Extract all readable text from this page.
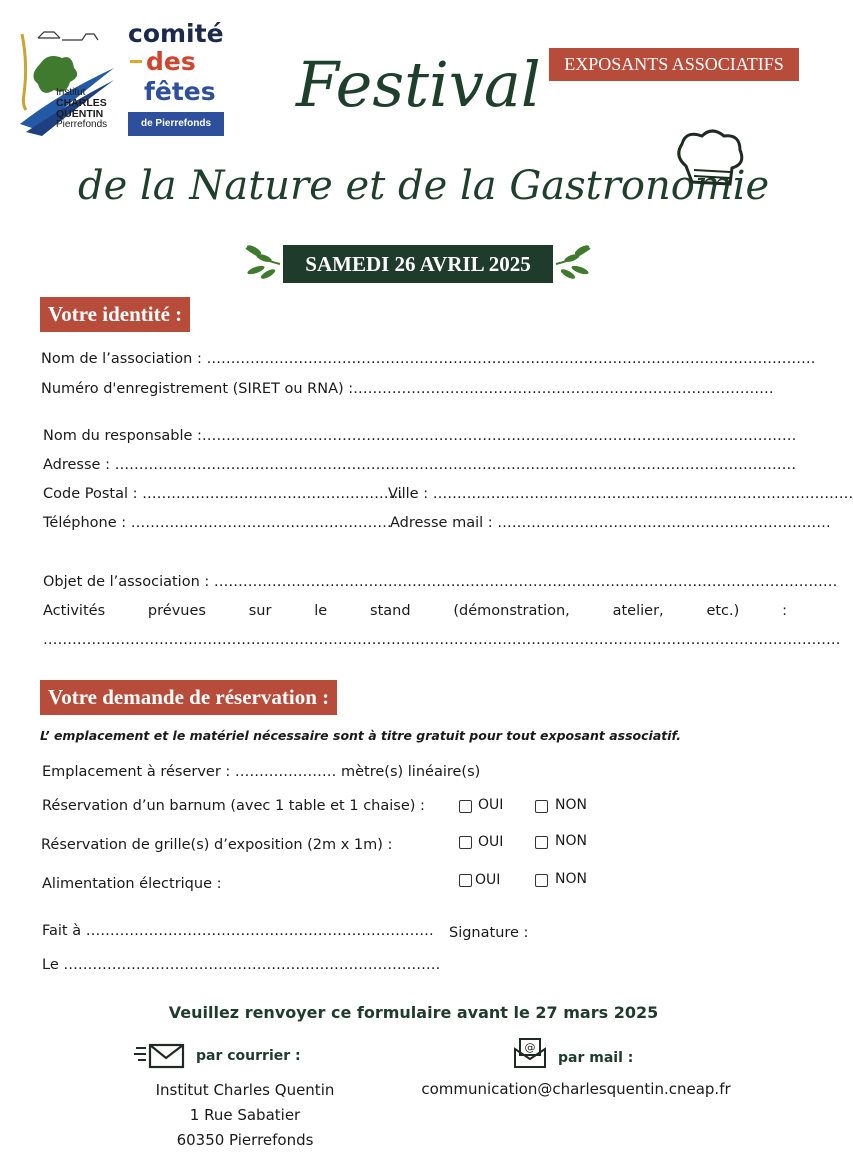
Institut
CHARLES
QUENTIN
Pierrefonds
comité
des
fêtes
de Pierrefonds
EXPOSANTS ASSOCIATIFS
Festival
de la Nature et de la Gastronomie
SAMEDI 26 AVRIL 2025
Votre identité :
Nom de l’association : ………………………………………………………………………………………………………………
Numéro d'enregistrement (SIRET ou RNA) :……………………………………………………………………………
Nom du responsable :……………………………………………………………………………………………………………
Adresse : ……………………………………………………………………………………………………………………………
Code Postal : ………………………………………………
Ville : ……………………………………………………………………………
Téléphone : ………………………………………………
Adresse mail : ……………………………………………………………
Objet de l’association : …………………………………………………………………………………………………………………
Activités prévues sur le stand (démonstration, atelier, etc.) :
…………………………………………………………………………………………………………………………………………………
Votre demande de réservation :
L’ emplacement et le matériel nécessaire sont à titre gratuit pour tout exposant associatif.
Emplacement à réserver : ………………… mètre(s) linéaire(s)
Réservation d’un barnum (avec 1 table et 1 chaise) :	OUI	NON
Réservation de grille(s) d’exposition (2m x 1m) :	OUI	NON
Alimentation électrique :	OUI	NON
Fait à ……………………………………………………………… Signature :
Le ……………………………………………………………………
Veuillez renvoyer ce formulaire avant le 27 mars 2025
par courrier :
@
par mail :
Institut Charles Quentin
1 Rue Sabatier
60350 Pierrefonds
communication@charlesquentin.cneap.fr
